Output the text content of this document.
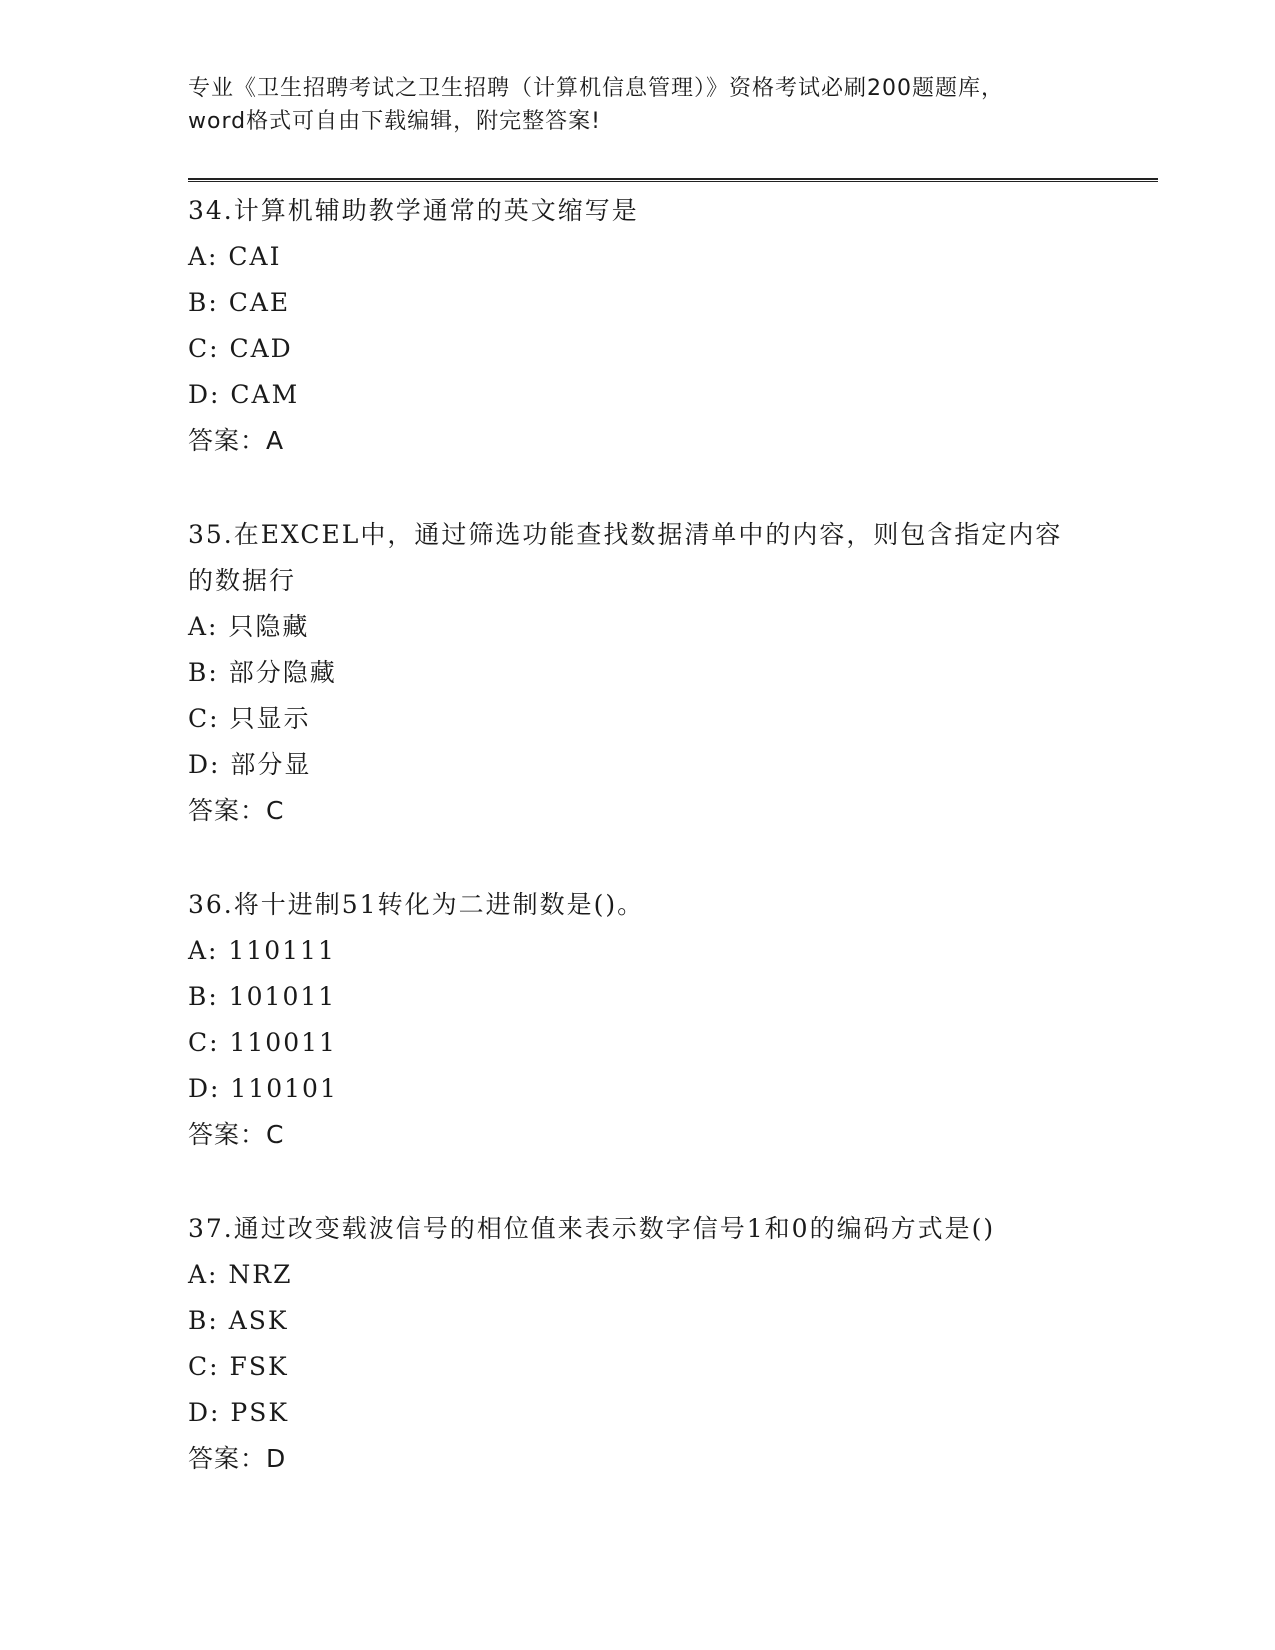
专业《卫生招聘考试之卫生招聘（计算机信息管理）》资格考试必刷200题题库，
word格式可自由下载编辑，附完整答案!

34.计算机辅助教学通常的英文缩写是

A: CAI

B: CAE

C: CAD

D: CAM

答案：A

35.在EXCEL中，通过筛选功能查找数据清单中的内容，则包含指定内容的数据行

A: 只隐藏

B: 部分隐藏

C: 只显示

D: 部分显

答案：C

36.将十进制51转化为二进制数是()。

A: 110111

B: 101011

C: 110011

D: 110101

答案：C

37.通过改变载波信号的相位值来表示数字信号1和0的编码方式是()

A: NRZ

B: ASK

C: FSK

D: PSK

答案：D
